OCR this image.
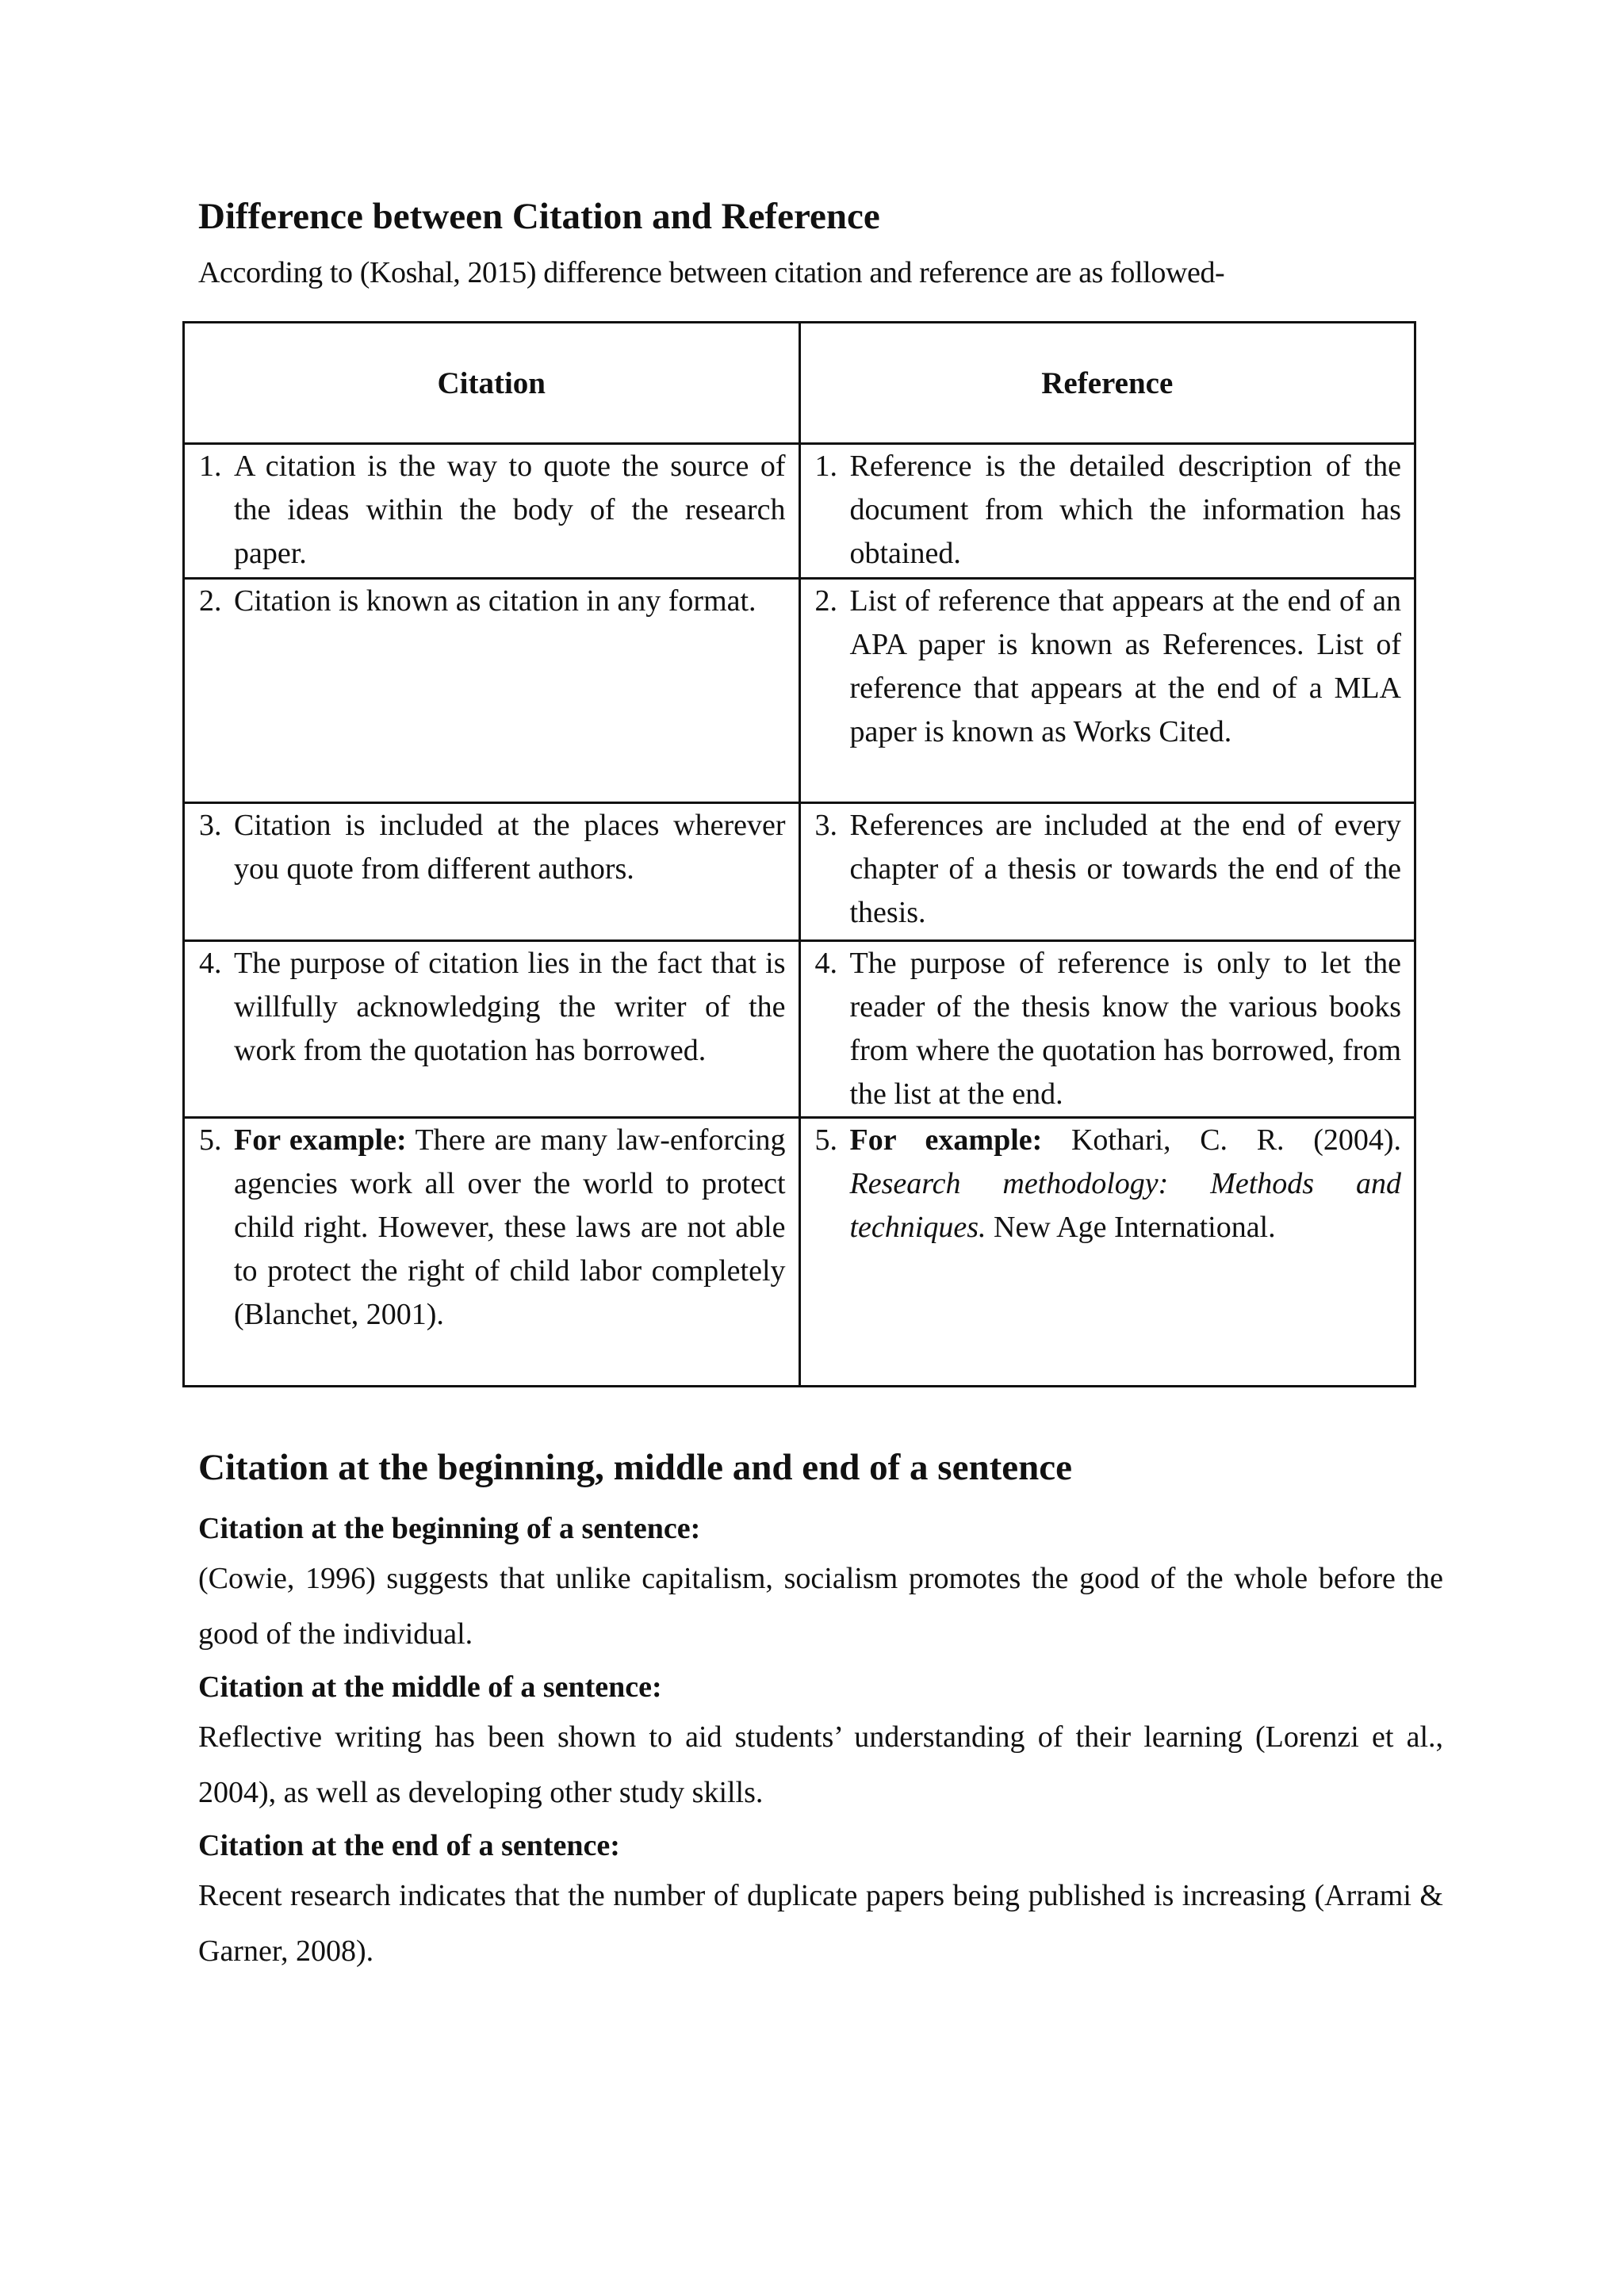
Difference between Citation and Reference

According to (Koshal, 2015) difference between citation and reference are as followed-

Citation	Reference

1. A citation is the way to quote the source of the ideas within the body of the research paper.	1. Reference is the detailed description of the document from which the information has obtained.

2. Citation is known as citation in any format.	2. List of reference that appears at the end of an APA paper is known as References. List of reference that appears at the end of a MLA paper is known as Works Cited.

3. Citation is included at the places wherever you quote from different authors.	3. References are included at the end of every chapter of a thesis or towards the end of the thesis.

4. The purpose of citation lies in the fact that is willfully acknowledging the writer of the work from the quotation has borrowed.	4. The purpose of reference is only to let the reader of the thesis know the various books from where the quotation has borrowed, from the list at the end.

5. For example: There are many law-enforcing agencies work all over the world to protect child right. However, these laws are not able to protect the right of child labor completely (Blanchet, 2001).	5. For example: Kothari, C. R. (2004). Research methodology: Methods and techniques. New Age International.
Citation at the beginning, middle and end of a sentence

Citation at the beginning of a sentence:

(Cowie, 1996) suggests that unlike capitalism, socialism promotes the good of the whole before the good of the individual.

Citation at the middle of a sentence:

Reflective writing has been shown to aid students’ understanding of their learning (Lorenzi et al., 2004), as well as developing other study skills.

Citation at the end of a sentence:

Recent research indicates that the number of duplicate papers being published is increasing (Arrami & Garner, 2008).
